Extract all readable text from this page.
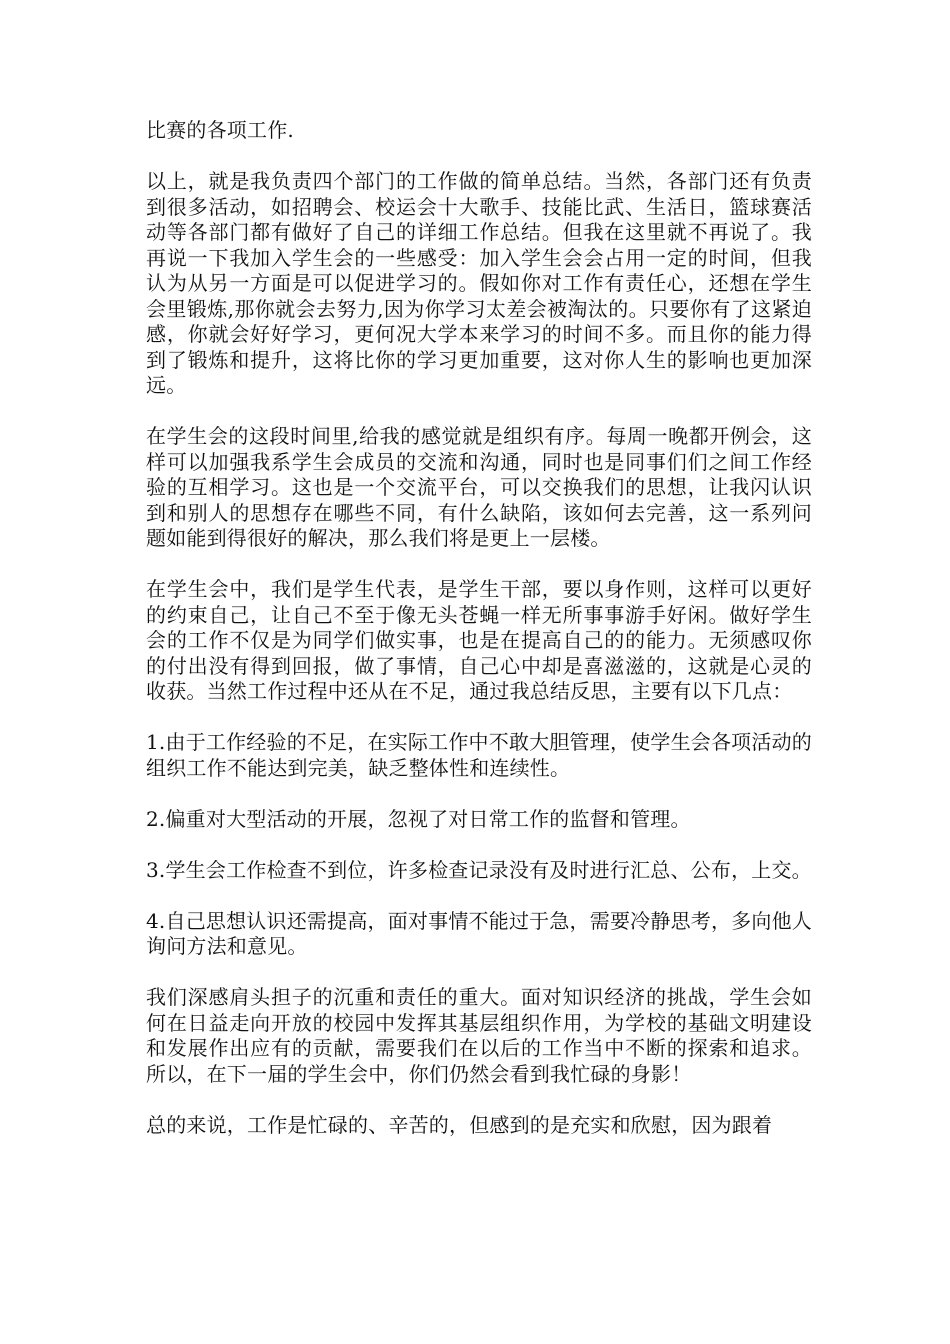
比赛的各项工作.

以上，就是我负责四个部门的工作做的简单总结。当然，各部门还有负责到很多活动，如招聘会、校运会十大歌手、技能比武、生活日，篮球赛活动等各部门都有做好了自己的详细工作总结。但我在这里就不再说了。我再说一下我加入学生会的一些感受：加入学生会会占用一定的时间，但我认为从另一方面是可以促进学习的。假如你对工作有责任心，还想在学生会里锻炼,那你就会去努力,因为你学习太差会被淘汰的。只要你有了这紧迫感，你就会好好学习，更何况大学本来学习的时间不多。而且你的能力得到了锻炼和提升，这将比你的学习更加重要，这对你人生的影响也更加深远。

在学生会的这段时间里,给我的感觉就是组织有序。每周一晚都开例会，这样可以加强我系学生会成员的交流和沟通，同时也是同事们们之间工作经验的互相学习。这也是一个交流平台，可以交换我们的思想，让我闪认识到和别人的思想存在哪些不同，有什么缺陷，该如何去完善，这一系列问题如能到得很好的解决，那么我们将是更上一层楼。

在学生会中，我们是学生代表，是学生干部，要以身作则，这样可以更好的约束自己，让自己不至于像无头苍蝇一样无所事事游手好闲。做好学生会的工作不仅是为同学们做实事，也是在提高自己的的能力。无须感叹你的付出没有得到回报，做了事情，自己心中却是喜滋滋的，这就是心灵的收获。当然工作过程中还从在不足，通过我总结反思，主要有以下几点：

1.由于工作经验的不足，在实际工作中不敢大胆管理，使学生会各项活动的组织工作不能达到完美，缺乏整体性和连续性。

2.偏重对大型活动的开展，忽视了对日常工作的监督和管理。

3.学生会工作检查不到位，许多检查记录没有及时进行汇总、公布，上交。

4.自己思想认识还需提高，面对事情不能过于急，需要冷静思考，多向他人询问方法和意见。

我们深感肩头担子的沉重和责任的重大。面对知识经济的挑战，学生会如何在日益走向开放的校园中发挥其基层组织作用，为学校的基础文明建设和发展作出应有的贡献，需要我们在以后的工作当中不断的探索和追求。所以，在下一届的学生会中，你们仍然会看到我忙碌的身影！

总的来说，工作是忙碌的、辛苦的，但感到的是充实和欣慰，因为跟着
